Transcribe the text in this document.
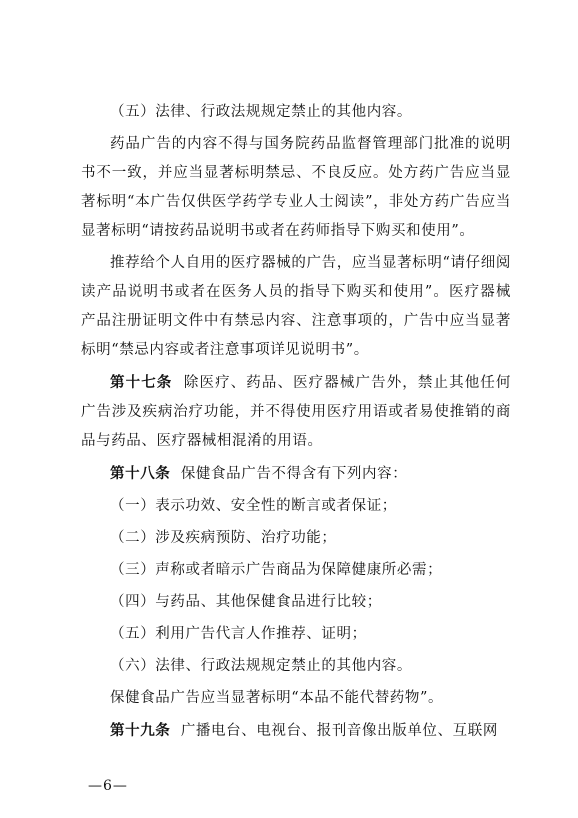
（五）法律、行政法规规定禁止的其他内容。

药品广告的内容不得与国务院药品监督管理部门批准的说明书不一致，并应当显著标明禁忌、不良反应。处方药广告应当显著标明“本广告仅供医学药学专业人士阅读”，非处方药广告应当显著标明“请按药品说明书或者在药师指导下购买和使用”。

推荐给个人自用的医疗器械的广告，应当显著标明“请仔细阅读产品说明书或者在医务人员的指导下购买和使用”。医疗器械产品注册证明文件中有禁忌内容、注意事项的，广告中应当显著标明“禁忌内容或者注意事项详见说明书”。

第十七条 除医疗、药品、医疗器械广告外，禁止其他任何广告涉及疾病治疗功能，并不得使用医疗用语或者易使推销的商品与药品、医疗器械相混淆的用语。

第十八条 保健食品广告不得含有下列内容：

（一）表示功效、安全性的断言或者保证；

（二）涉及疾病预防、治疗功能；

（三）声称或者暗示广告商品为保障健康所必需；

（四）与药品、其他保健食品进行比较；

（五）利用广告代言人作推荐、证明；

（六）法律、行政法规规定禁止的其他内容。

保健食品广告应当显著标明“本品不能代替药物”。

第十九条 广播电台、电视台、报刊音像出版单位、互联网

—6—
